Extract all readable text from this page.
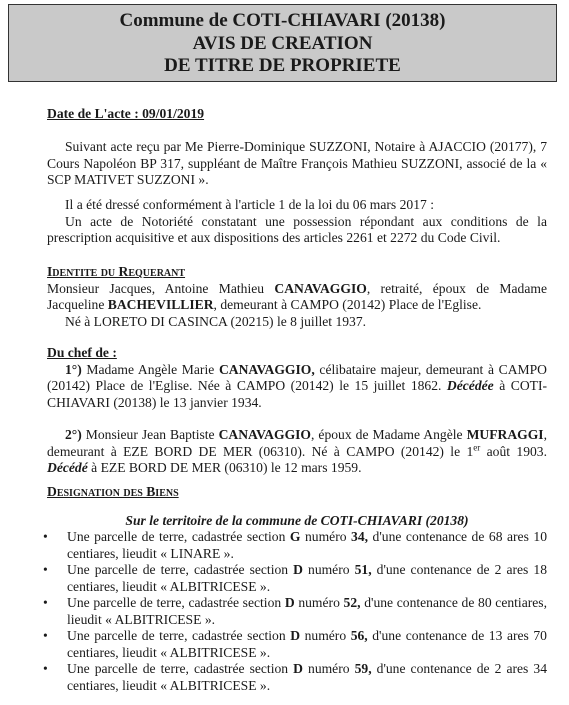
Commune de COTI-CHIAVARI (20138)
AVIS DE CREATION
DE TITRE DE PROPRIETE

Date de L'acte : 09/01/2019

Suivant acte reçu par Me Pierre-Dominique SUZZONI, Notaire à AJACCIO (20177), 7 Cours Napoléon BP 317, suppléant de Maître François Mathieu SUZZONI, associé de la « SCP MATIVET SUZZONI ».

Il a été dressé conformément à l'article 1 de la loi du 06 mars 2017 :

Un acte de Notoriété constatant une possession répondant aux conditions de la prescription acquisitive et aux dispositions des articles 2261 et 2272 du Code Civil.

Identite du Requerant

Monsieur Jacques, Antoine Mathieu CANAVAGGIO, retraité, époux de Madame Jacqueline BACHEVILLIER, demeurant à CAMPO (20142) Place de l'Eglise.

Né à LORETO DI CASINCA (20215) le 8 juillet 1937.

Du chef de :

1°) Madame Angèle Marie CANAVAGGIO, célibataire majeur, demeurant à CAMPO (20142) Place de l'Eglise. Née à CAMPO (20142) le 15 juillet 1862. Décédée à COTI-CHIAVARI (20138) le 13 janvier 1934.

2°) Monsieur Jean Baptiste CANAVAGGIO, époux de Madame Angèle MUFRAGGI, demeurant à EZE BORD DE MER (06310). Né à CAMPO (20142) le 1er août 1903. Décédé à EZE BORD DE MER (06310) le 12 mars 1959.

Designation des Biens

Sur le territoire de la commune de COTI-CHIAVARI (20138)

• Une parcelle de terre, cadastrée section G numéro 34, d'une contenance de 68 ares 10 centiares, lieudit « LINARE ».
• Une parcelle de terre, cadastrée section D numéro 51, d'une contenance de 2 ares 18 centiares, lieudit « ALBITRICESE ».
• Une parcelle de terre, cadastrée section D numéro 52, d'une contenance de 80 centiares, lieudit « ALBITRICESE ».
• Une parcelle de terre, cadastrée section D numéro 56, d'une contenance de 13 ares 70 centiares, lieudit « ALBITRICESE ».
• Une parcelle de terre, cadastrée section D numéro 59, d'une contenance de 2 ares 34 centiares, lieudit « ALBITRICESE ».
